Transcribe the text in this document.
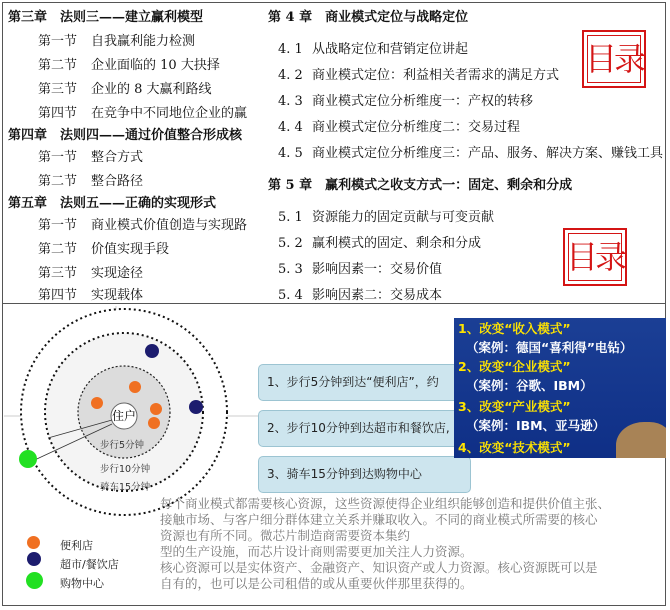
第三章　法则三——建立赢利模型
第一节 自我赢利能力检测
第二节 企业面临的 10 大抉择
第三节 企业的 8 大赢利路线
第四节 在竞争中不同地位企业的赢
第四章　法则四——通过价值整合形成核
第一节 整合方式
第二节 整合路径
第五章　法则五——正确的实现形式
第一节 商业模式价值创造与实现路
第二节 价值实现手段
第三节 实现途径
第四节 实现载体
第 4 章　商业模式定位与战略定位
4. 1 从战略定位和营销定位讲起
4. 2 商业模式定位：利益相关者需求的满足方式
4. 3 商业模式定位分析维度一：产权的转移
4. 4 商业模式定位分析维度二：交易过程
4. 5 商业模式定位分析维度三：产品、服务、解决方案、赚钱工具
第 5 章　赢利模式之收支方式一：固定、剩余和分成
5. 1 资源能力的固定贡献与可变贡献
5. 2 赢利模式的固定、剩余和分成
5. 3 影响因素一：交易价值
5. 4 影响因素二：交易成本
目录
目录
住户
步行5分钟
步行10分钟
骑车15分钟
1、步行5分钟到达“便利店”，约
2、步行10分钟到达超市和餐饮店,
3、骑车15分钟到达购物中心
1、改变“收入模式”
（案例：德国“喜利得”电钻）
2、改变“企业模式”
（案例：谷歌、IBM）
3、改变“产业模式”
（案例：IBM、亚马逊）
4、改变“技术模式”
每个商业模式都需要核心资源，这些资源使得企业组织能够创造和提供价值主张、
接触市场、与客户细分群体建立关系并赚取收入。不同的商业模式所需要的核心
资源也有所不同。微芯片制造商需要资本集约
型的生产设施，而芯片设计商则需要更加关注人力资源。
核心资源可以是实体资产、金融资产、知识资产或人力资源。核心资源既可以是
自有的，也可以是公司租借的或从重要伙伴那里获得的。
便利店
超市/餐饮店
购物中心
